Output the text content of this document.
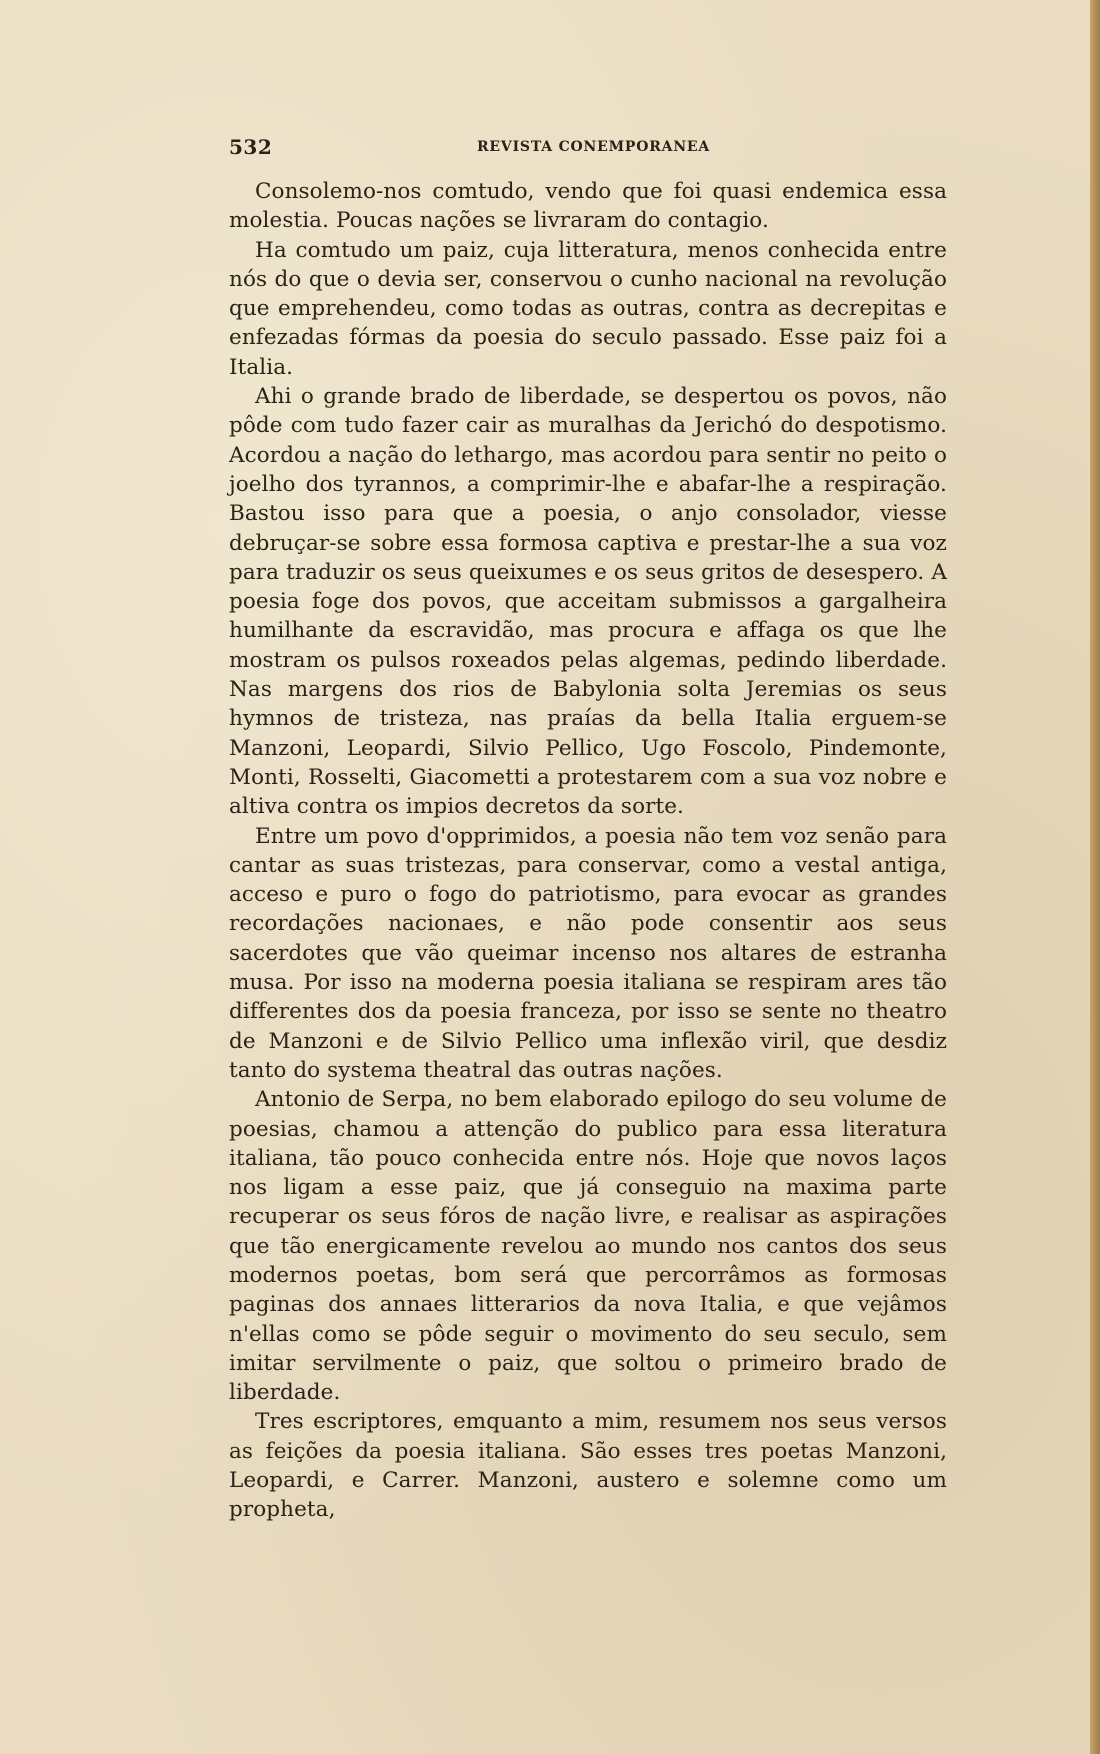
532	REVISTA CONEMPORANEA

Consolemo-nos comtudo, vendo que foi quasi endemica essa molestia. Poucas nações se livraram do contagio.

Ha comtudo um paiz, cuja litteratura, menos conhecida entre nós do que o devia ser, conservou o cunho nacional na revolução que emprehendeu, como todas as outras, contra as decrepitas e enfezadas fórmas da poesia do seculo passado. Esse paiz foi a Italia.

Ahi o grande brado de liberdade, se despertou os povos, não pôde com tudo fazer cair as muralhas da Jerichó do despotismo. Acordou a nação do lethargo, mas acordou para sentir no peito o joelho dos tyrannos, a comprimir-lhe e abafar-lhe a respiração. Bastou isso para que a poesia, o anjo consolador, viesse debruçar-se sobre essa formosa captiva e prestar-lhe a sua voz para traduzir os seus queixumes e os seus gritos de desespero. A poesia foge dos povos, que acceitam submissos a gargalheira humilhante da escravidão, mas procura e affaga os que lhe mostram os pulsos roxeados pelas algemas, pedindo liberdade. Nas margens dos rios de Babylonia solta Jeremias os seus hymnos de tristeza, nas praías da bella Italia erguem-se Manzoni, Leopardi, Silvio Pellico, Ugo Foscolo, Pindemonte, Monti, Rosselti, Giacometti a protestarem com a sua voz nobre e altiva contra os impios decretos da sorte.

Entre um povo d'opprimidos, a poesia não tem voz senão para cantar as suas tristezas, para conservar, como a vestal antiga, acceso e puro o fogo do patriotismo, para evocar as grandes recordações nacionaes, e não pode consentir aos seus sacerdotes que vão queimar incenso nos altares de estranha musa. Por isso na moderna poesia italiana se respiram ares tão differentes dos da poesia franceza, por isso se sente no theatro de Manzoni e de Silvio Pellico uma inflexão viril, que desdiz tanto do systema theatral das outras nações.

Antonio de Serpa, no bem elaborado epilogo do seu volume de poesias, chamou a attenção do publico para essa literatura italiana, tão pouco conhecida entre nós. Hoje que novos laços nos ligam a esse paiz, que já conseguio na maxima parte recuperar os seus fóros de nação livre, e realisar as aspirações que tão energicamente revelou ao mundo nos cantos dos seus modernos poetas, bom será que percorrâmos as formosas paginas dos annaes litterarios da nova Italia, e que vejâmos n'ellas como se pôde seguir o movimento do seu seculo, sem imitar servilmente o paiz, que soltou o primeiro brado de liberdade.

Tres escriptores, emquanto a mim, resumem nos seus versos as feições da poesia italiana. São esses tres poetas Manzoni, Leopardi, e Carrer. Manzoni, austero e solemne como um propheta,
